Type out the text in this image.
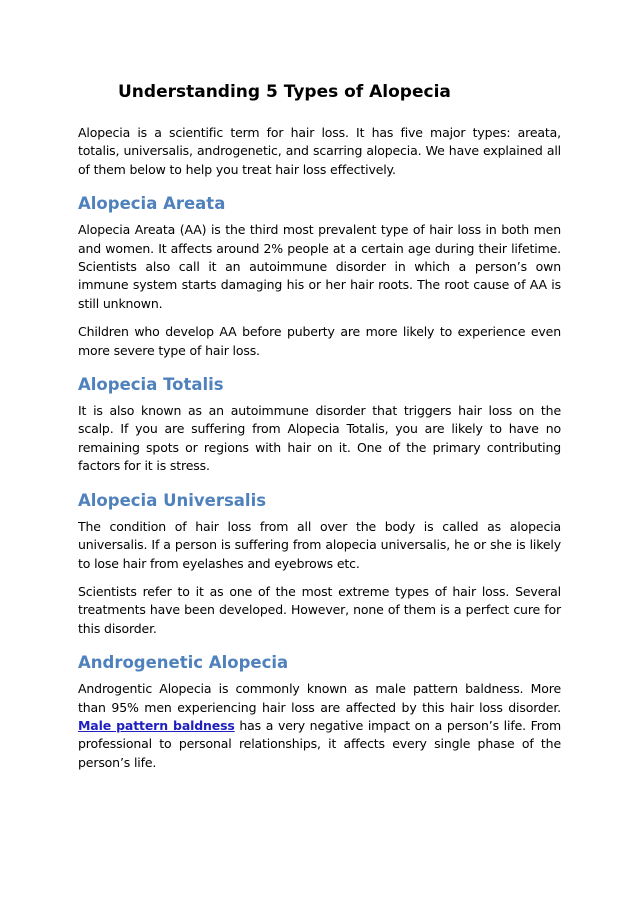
Understanding 5 Types of Alopecia

Alopecia is a scientific term for hair loss. It has five major types: areata, totalis, universalis, androgenetic, and scarring alopecia. We have explained all of them below to help you treat hair loss effectively.

Alopecia Areata

Alopecia Areata (AA) is the third most prevalent type of hair loss in both men and women. It affects around 2% people at a certain age during their lifetime. Scientists also call it an autoimmune disorder in which a person’s own immune system starts damaging his or her hair roots. The root cause of AA is still unknown.

Children who develop AA before puberty are more likely to experience even more severe type of hair loss.

Alopecia Totalis

It is also known as an autoimmune disorder that triggers hair loss on the scalp. If you are suffering from Alopecia Totalis, you are likely to have no remaining spots or regions with hair on it. One of the primary contributing factors for it is stress.

Alopecia Universalis

The condition of hair loss from all over the body is called as alopecia universalis. If a person is suffering from alopecia universalis, he or she is likely to lose hair from eyelashes and eyebrows etc.

Scientists refer to it as one of the most extreme types of hair loss. Several treatments have been developed. However, none of them is a perfect cure for this disorder.

Androgenetic Alopecia

Androgentic Alopecia is commonly known as male pattern baldness. More than 95% men experiencing hair loss are affected by this hair loss disorder. Male pattern baldness has a very negative impact on a person’s life. From professional to personal relationships, it affects every single phase of the person’s life.
